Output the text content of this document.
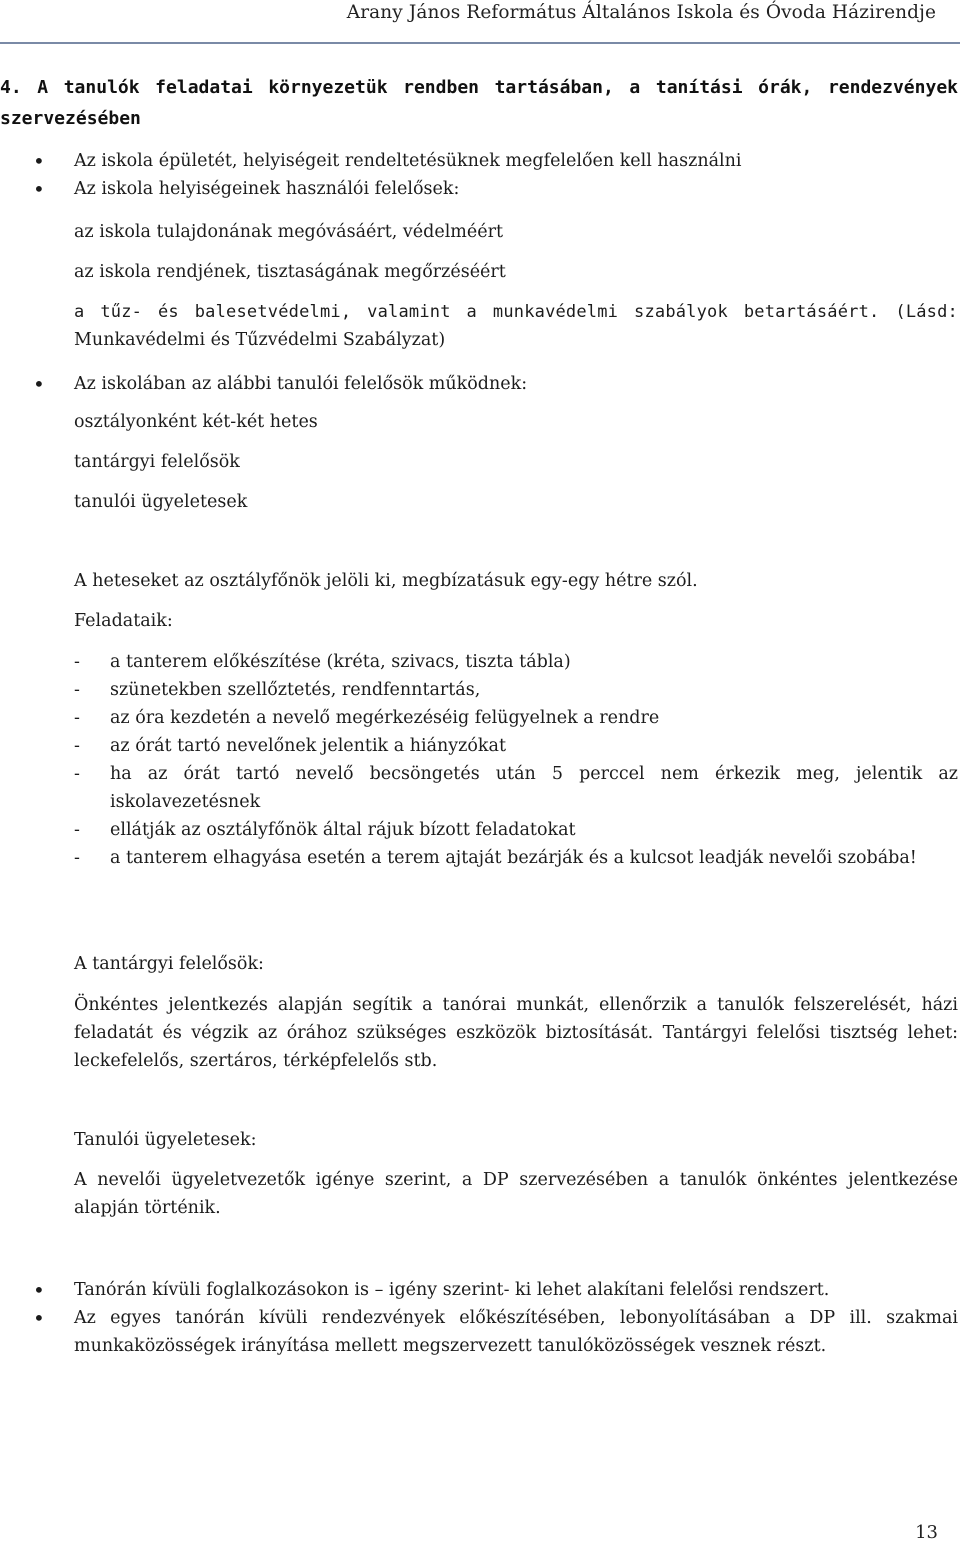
Arany János Református Általános Iskola és Óvoda Házirendje
4. A tanulók feladatai környezetük rendben tartásában, a tanítási órák, rendezvények szervezésében
• Az iskola épületét, helyiségeit rendeltetésüknek megfelelően kell használni
• Az iskola helyiségeinek használói felelősek:
az iskola tulajdonának megóvásáért, védelméért
az iskola rendjének, tisztaságának megőrzéséért
a tűz- és balesetvédelmi, valamint a munkavédelmi szabályok betartásáért. (Lásd:
Munkavédelmi és Tűzvédelmi Szabályzat)
• Az iskolában az alábbi tanulói felelősök működnek:
osztályonként két-két hetes
tantárgyi felelősök
tanulói ügyeletesek
A heteseket az osztályfőnök jelöli ki, megbízatásuk egy-egy hétre szól.
Feladataik:
- a tanterem előkészítése (kréta, szivacs, tiszta tábla)
- szünetekben szellőztetés, rendfenntartás,
- az óra kezdetén a nevelő megérkezéséig felügyelnek a rendre
- az órát tartó nevelőnek jelentik a hiányzókat
- ha az órát tartó nevelő becsöngetés után 5 perccel nem érkezik meg, jelentik az iskolavezetésnek
- ellátják az osztályfőnök által rájuk bízott feladatokat
- a tanterem elhagyása esetén a terem ajtaját bezárják és a kulcsot leadják nevelői szobába!
A tantárgyi felelősök:
Önkéntes jelentkezés alapján segítik a tanórai munkát, ellenőrzik a tanulók felszerelését, házi feladatát és végzik az órához szükséges eszközök biztosítását. Tantárgyi felelősi tisztség lehet: leckefelelős, szertáros, térképfelelős stb.
Tanulói ügyeletesek:
A nevelői ügyeletvezetők igénye szerint, a DP szervezésében a tanulók önkéntes jelentkezése alapján történik.
• Tanórán kívüli foglalkozásokon is – igény szerint- ki lehet alakítani felelősi rendszert.
• Az egyes tanórán kívüli rendezvények előkészítésében, lebonyolításában a DP ill. szakmai munkaközösségek irányítása mellett megszervezett tanulóközösségek vesznek részt.
13
